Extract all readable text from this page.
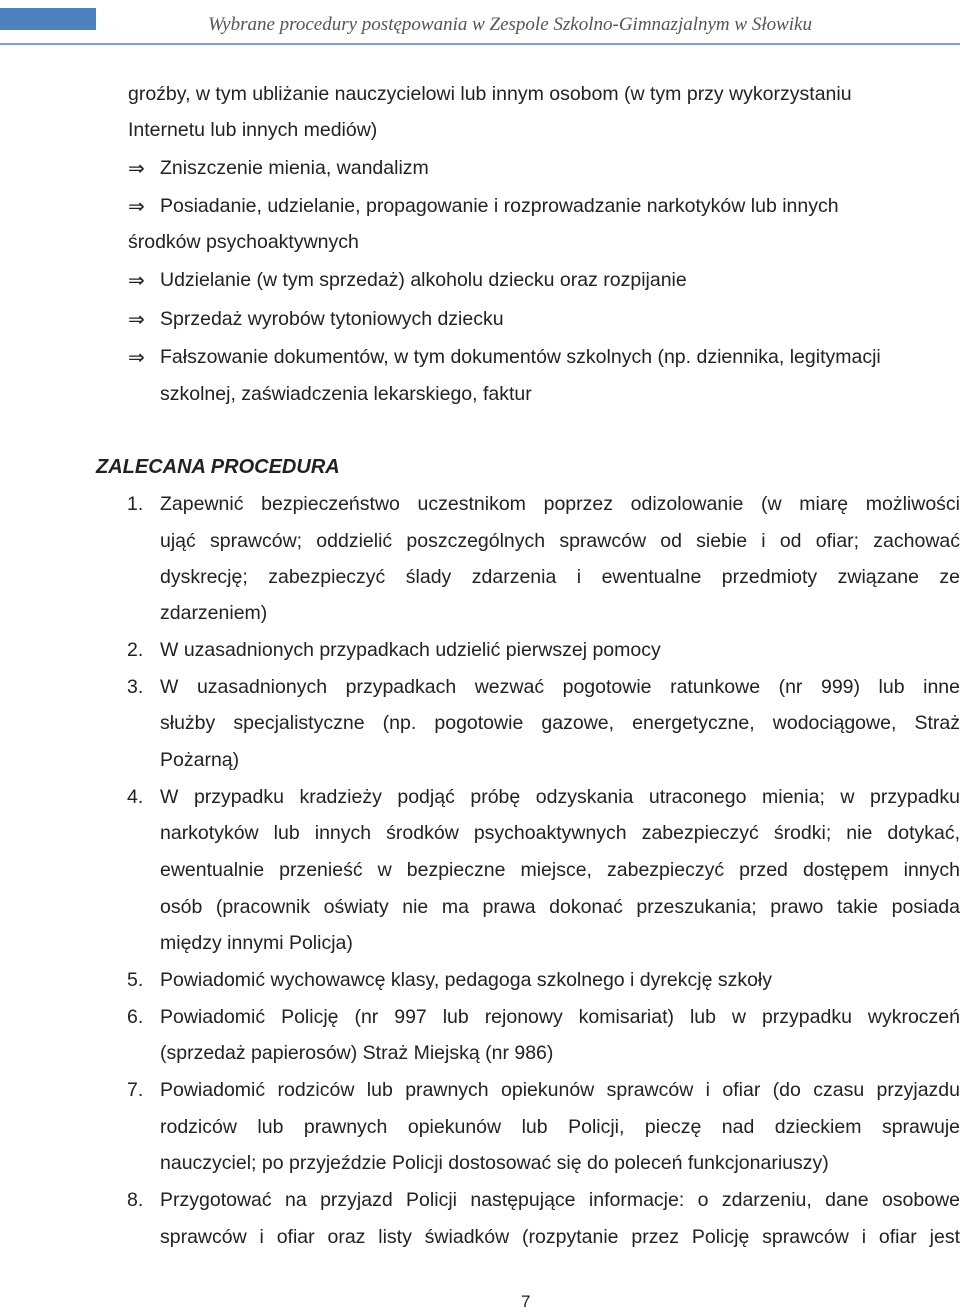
Wybrane procedury postępowania w Zespole Szkolno-Gimnazjalnym w Słowiku
groźby, w tym ubliżanie nauczycielowi lub innym osobom (w tym przy wykorzystaniu
Internetu lub innych mediów)
⇒ Zniszczenie mienia, wandalizm
⇒ Posiadanie, udzielanie, propagowanie i rozprowadzanie narkotyków lub innych
środków psychoaktywnych
⇒ Udzielanie (w tym sprzedaż) alkoholu dziecku oraz rozpijanie
⇒ Sprzedaż wyrobów tytoniowych dziecku
⇒ Fałszowanie dokumentów, w tym dokumentów szkolnych (np. dziennika, legitymacji
szkolnej, zaświadczenia lekarskiego, faktur
ZALECANA PROCEDURA
1. Zapewnić bezpieczeństwo uczestnikom poprzez odizolowanie (w miarę możliwości
ująć sprawców; oddzielić poszczególnych sprawców od siebie i od ofiar; zachować
dyskrecję; zabezpieczyć ślady zdarzenia i ewentualne przedmioty związane ze
zdarzeniem)
2. W uzasadnionych przypadkach udzielić pierwszej pomocy
3. W uzasadnionych przypadkach wezwać pogotowie ratunkowe (nr 999) lub inne
służby specjalistyczne (np. pogotowie gazowe, energetyczne, wodociągowe, Straż
Pożarną)
4. W przypadku kradzieży podjąć próbę odzyskania utraconego mienia; w przypadku
narkotyków lub innych środków psychoaktywnych zabezpieczyć środki; nie dotykać,
ewentualnie przenieść w bezpieczne miejsce, zabezpieczyć przed dostępem innych
osób (pracownik oświaty nie ma prawa dokonać przeszukania; prawo takie posiada
między innymi Policja)
5. Powiadomić wychowawcę klasy, pedagoga szkolnego i dyrekcję szkoły
6. Powiadomić Policję (nr 997 lub rejonowy komisariat) lub w przypadku wykroczeń
(sprzedaż papierosów) Straż Miejską (nr 986)
7. Powiadomić rodziców lub prawnych opiekunów sprawców i ofiar (do czasu przyjazdu
rodziców lub prawnych opiekunów lub Policji, pieczę nad dzieckiem sprawuje
nauczyciel; po przyjeździe Policji dostosować się do poleceń funkcjonariuszy)
8. Przygotować na przyjazd Policji następujące informacje: o zdarzeniu, dane osobowe
sprawców i ofiar oraz listy świadków (rozpytanie przez Policję sprawców i ofiar jest
7
